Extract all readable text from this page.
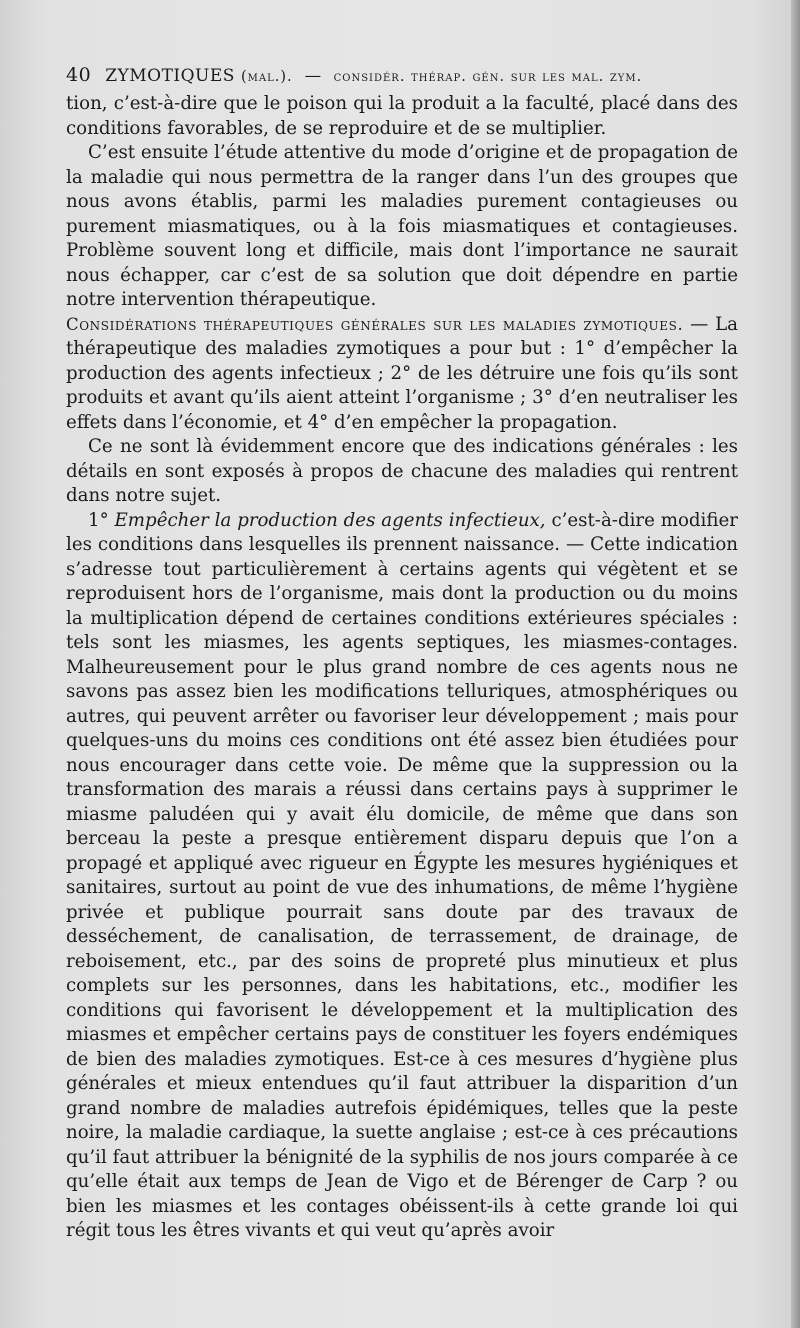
40 ZYMOTIQUES (mal.). — considér. thérap. gén. sur les mal. zym.

tion, c’est-à-dire que le poison qui la produit a la faculté, placé dans des conditions favorables, de se reproduire et de se multiplier.

C’est ensuite l’étude attentive du mode d’origine et de propagation de la maladie qui nous permettra de la ranger dans l’un des groupes que nous avons établis, parmi les maladies purement contagieuses ou purement miasmatiques, ou à la fois miasmatiques et contagieuses. Problème souvent long et difficile, mais dont l’importance ne saurait nous échapper, car c’est de sa solution que doit dépendre en partie notre intervention thérapeutique.

Considérations thérapeutiques générales sur les maladies zymotiques. — La thérapeutique des maladies zymotiques a pour but : 1° d’empêcher la production des agents infectieux ; 2° de les détruire une fois qu’ils sont produits et avant qu’ils aient atteint l’organisme ; 3° d’en neutraliser les effets dans l’économie, et 4° d’en empêcher la propagation.

Ce ne sont là évidemment encore que des indications générales : les détails en sont exposés à propos de chacune des maladies qui rentrent dans notre sujet.

1° Empêcher la production des agents infectieux, c’est-à-dire modifier les conditions dans lesquelles ils prennent naissance. — Cette indication s’adresse tout particulièrement à certains agents qui végètent et se reproduisent hors de l’organisme, mais dont la production ou du moins la multiplication dépend de certaines conditions extérieures spéciales : tels sont les miasmes, les agents septiques, les miasmes-contages. Malheureusement pour le plus grand nombre de ces agents nous ne savons pas assez bien les modifications telluriques, atmosphériques ou autres, qui peuvent arrêter ou favoriser leur développement ; mais pour quelques-uns du moins ces conditions ont été assez bien étudiées pour nous encourager dans cette voie. De même que la suppression ou la transformation des marais a réussi dans certains pays à supprimer le miasme paludéen qui y avait élu domicile, de même que dans son berceau la peste a presque entièrement disparu depuis que l’on a propagé et appliqué avec rigueur en Égypte les mesures hygiéniques et sanitaires, surtout au point de vue des inhumations, de même l’hygiène privée et publique pourrait sans doute par des travaux de desséchement, de canalisation, de terrassement, de drainage, de reboisement, etc., par des soins de propreté plus minutieux et plus complets sur les personnes, dans les habitations, etc., modifier les conditions qui favorisent le développement et la multiplication des miasmes et empêcher certains pays de constituer les foyers endémiques de bien des maladies zymotiques. Est-ce à ces mesures d’hygiène plus générales et mieux entendues qu’il faut attribuer la disparition d’un grand nombre de maladies autrefois épidémiques, telles que la peste noire, la maladie cardiaque, la suette anglaise ; est-ce à ces précautions qu’il faut attribuer la bénignité de la syphilis de nos jours comparée à ce qu’elle était aux temps de Jean de Vigo et de Bérenger de Carp ? ou bien les miasmes et les contages obéissent-ils à cette grande loi qui régit tous les êtres vivants et qui veut qu’après avoir
